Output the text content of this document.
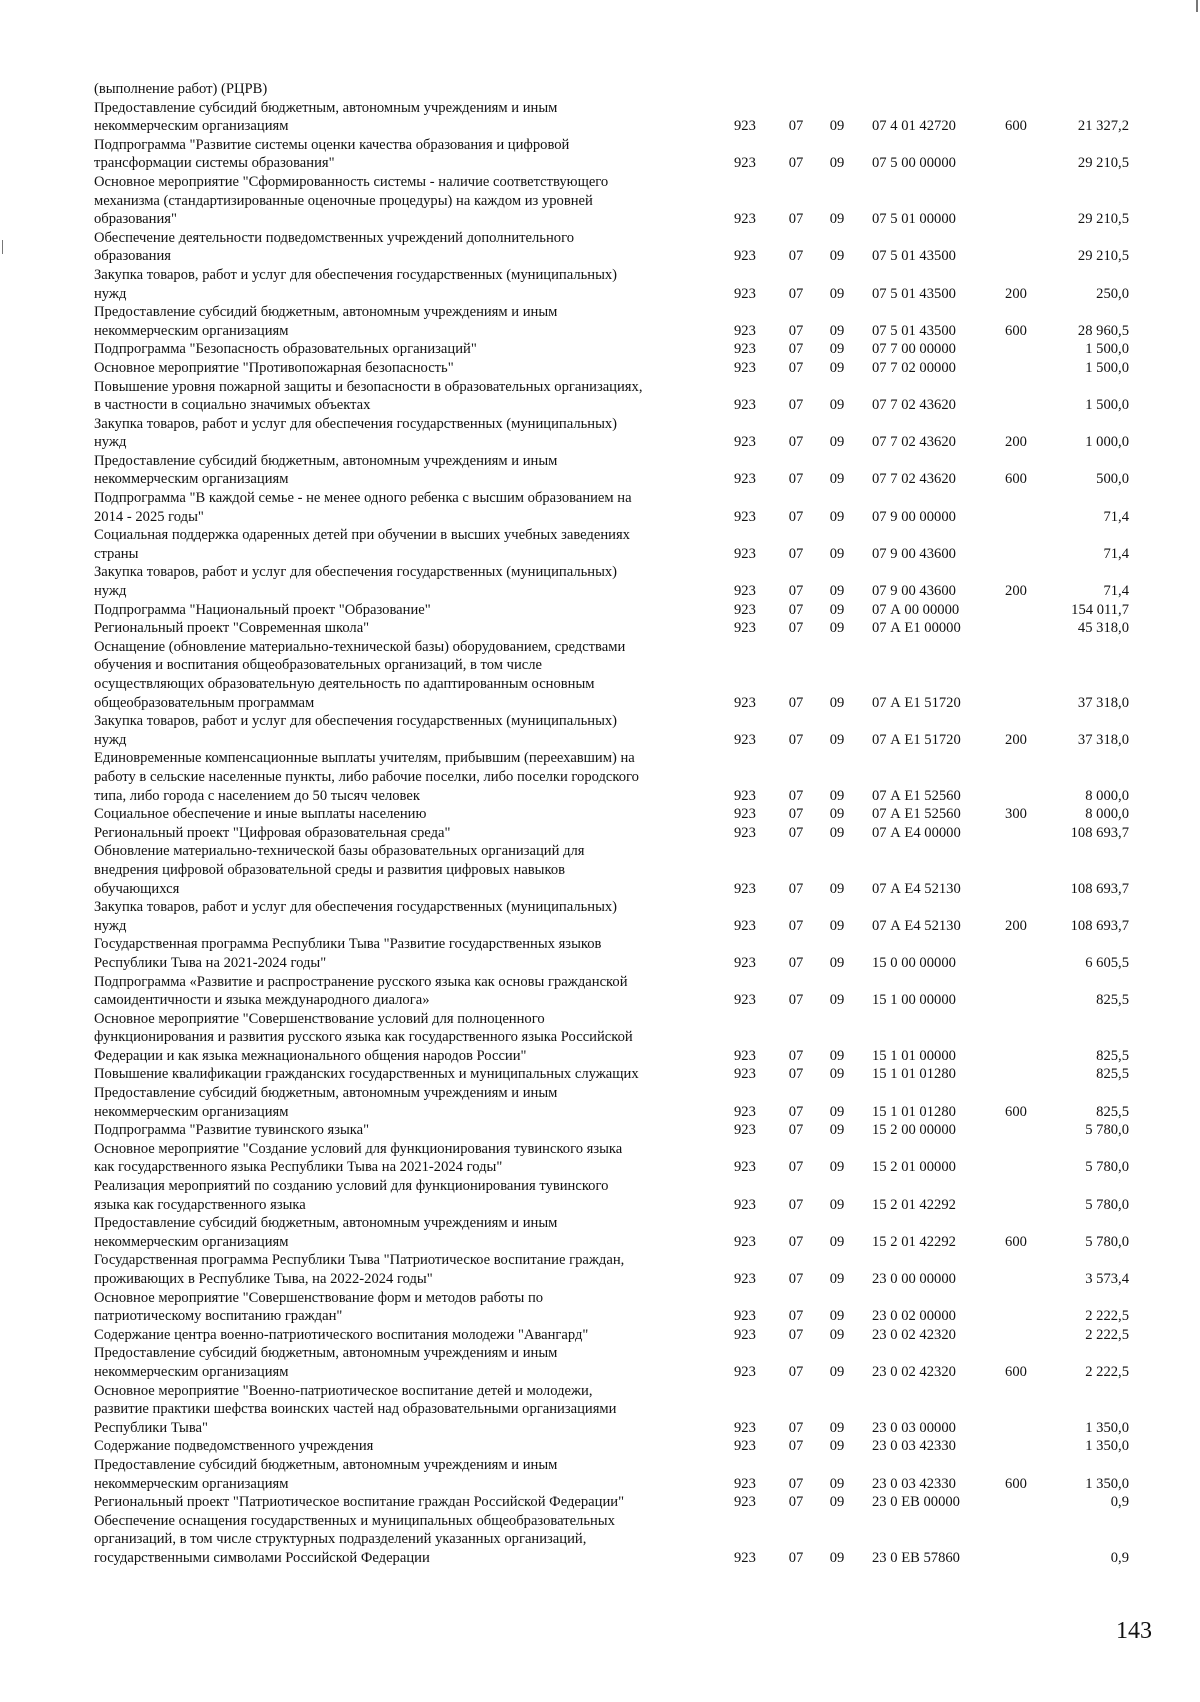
(выполнение работ) (РЦРВ)
Предоставление субсидий бюджетным, автономным учреждениям и иным
некоммерческим организациям	923	07	09	07 4 01 42720	600	21 327,2
Подпрограмма "Развитие системы оценки качества образования и цифровой
трансформации системы образования"	923	07	09	07 5 00 00000	29 210,5
Основное мероприятие "Сформированность системы - наличие соответствующего
механизма (стандартизированные оценочные процедуры) на каждом из уровней
образования"	923	07	09	07 5 01 00000	29 210,5
Обеспечение деятельности подведомственных учреждений дополнительного
образования	923	07	09	07 5 01 43500	29 210,5
Закупка товаров, работ и услуг для обеспечения государственных (муниципальных)
нужд	923	07	09	07 5 01 43500	200	250,0
Предоставление субсидий бюджетным, автономным учреждениям и иным
некоммерческим организациям	923	07	09	07 5 01 43500	600	28 960,5
Подпрограмма "Безопасность образовательных организаций"	923	07	09	07 7 00 00000	1 500,0
Основное мероприятие "Противопожарная безопасность"	923	07	09	07 7 02 00000	1 500,0
Повышение уровня пожарной защиты и безопасности в образовательных организациях,
в частности в социально значимых объектах	923	07	09	07 7 02 43620	1 500,0
Закупка товаров, работ и услуг для обеспечения государственных (муниципальных)
нужд	923	07	09	07 7 02 43620	200	1 000,0
Предоставление субсидий бюджетным, автономным учреждениям и иным
некоммерческим организациям	923	07	09	07 7 02 43620	600	500,0
Подпрограмма "В каждой семье - не менее одного ребенка с высшим образованием на
2014 - 2025 годы"	923	07	09	07 9 00 00000	71,4
Социальная поддержка одаренных детей при обучении в высших учебных заведениях
страны	923	07	09	07 9 00 43600	71,4
Закупка товаров, работ и услуг для обеспечения государственных (муниципальных)
нужд	923	07	09	07 9 00 43600	200	71,4
Подпрограмма "Национальный проект "Образование"	923	07	09	07 А 00 00000	154 011,7
Региональный проект "Современная школа"	923	07	09	07 А Е1 00000	45 318,0
Оснащение (обновление материально-технической базы) оборудованием, средствами
обучения и воспитания общеобразовательных организаций, в том числе
осуществляющих образовательную деятельность по адаптированным основным
общеобразовательным программам	923	07	09	07 А Е1 51720	37 318,0
Закупка товаров, работ и услуг для обеспечения государственных (муниципальных)
нужд	923	07	09	07 А Е1 51720	200	37 318,0
Единовременные компенсационные выплаты учителям, прибывшим (переехавшим) на
работу в сельские населенные пункты, либо рабочие поселки, либо поселки городского
типа, либо города с населением до 50 тысяч человек	923	07	09	07 А Е1 52560	8 000,0
Социальное обеспечение и иные выплаты населению	923	07	09	07 А Е1 52560	300	8 000,0
Региональный проект "Цифровая образовательная среда"	923	07	09	07 А Е4 00000	108 693,7
Обновление материально-технической базы образовательных организаций для
внедрения цифровой образовательной среды и развития цифровых навыков
обучающихся	923	07	09	07 А Е4 52130	108 693,7
Закупка товаров, работ и услуг для обеспечения государственных (муниципальных)
нужд	923	07	09	07 А Е4 52130	200	108 693,7
Государственная программа Республики Тыва "Развитие государственных языков
Республики Тыва на 2021-2024 годы"	923	07	09	15 0 00 00000	6 605,5
Подпрограмма «Развитие и распространение русского языка как основы гражданской
самоидентичности и языка международного диалога»	923	07	09	15 1 00 00000	825,5
Основное мероприятие "Совершенствование условий для полноценного
функционирования и развития русского языка как государственного языка Российской
Федерации и как языка межнационального общения народов России"	923	07	09	15 1 01 00000	825,5
Повышение квалификации гражданских государственных и муниципальных служащих	923	07	09	15 1 01 01280	825,5
Предоставление субсидий бюджетным, автономным учреждениям и иным
некоммерческим организациям	923	07	09	15 1 01 01280	600	825,5
Подпрограмма "Развитие тувинского языка"	923	07	09	15 2 00 00000	5 780,0
Основное мероприятие "Создание условий для функционирования тувинского языка
как государственного языка Республики Тыва на 2021-2024 годы"	923	07	09	15 2 01 00000	5 780,0
Реализация мероприятий по созданию условий для функционирования тувинского
языка как государственного языка	923	07	09	15 2 01 42292	5 780,0
Предоставление субсидий бюджетным, автономным учреждениям и иным
некоммерческим организациям	923	07	09	15 2 01 42292	600	5 780,0
Государственная программа Республики Тыва "Патриотическое воспитание граждан,
проживающих в Республике Тыва, на 2022-2024 годы"	923	07	09	23 0 00 00000	3 573,4
Основное мероприятие "Совершенствование форм и методов работы по
патриотическому воспитанию граждан"	923	07	09	23 0 02 00000	2 222,5
Содержание центра военно-патриотического воспитания молодежи "Авангард"	923	07	09	23 0 02 42320	2 222,5
Предоставление субсидий бюджетным, автономным учреждениям и иным
некоммерческим организациям	923	07	09	23 0 02 42320	600	2 222,5
Основное мероприятие "Военно-патриотическое воспитание детей и молодежи,
развитие практики шефства воинских частей над образовательными организациями
Республики Тыва"	923	07	09	23 0 03 00000	1 350,0
Содержание подведомственного учреждения	923	07	09	23 0 03 42330	1 350,0
Предоставление субсидий бюджетным, автономным учреждениям и иным
некоммерческим организациям	923	07	09	23 0 03 42330	600	1 350,0
Региональный проект "Патриотическое воспитание граждан Российской Федерации"	923	07	09	23 0 ЕВ 00000	0,9
Обеспечение оснащения государственных и муниципальных общеобразовательных
организаций, в том числе структурных подразделений указанных организаций,
государственными символами Российской Федерации	923	07	09	23 0 ЕВ 57860	0,9
143
